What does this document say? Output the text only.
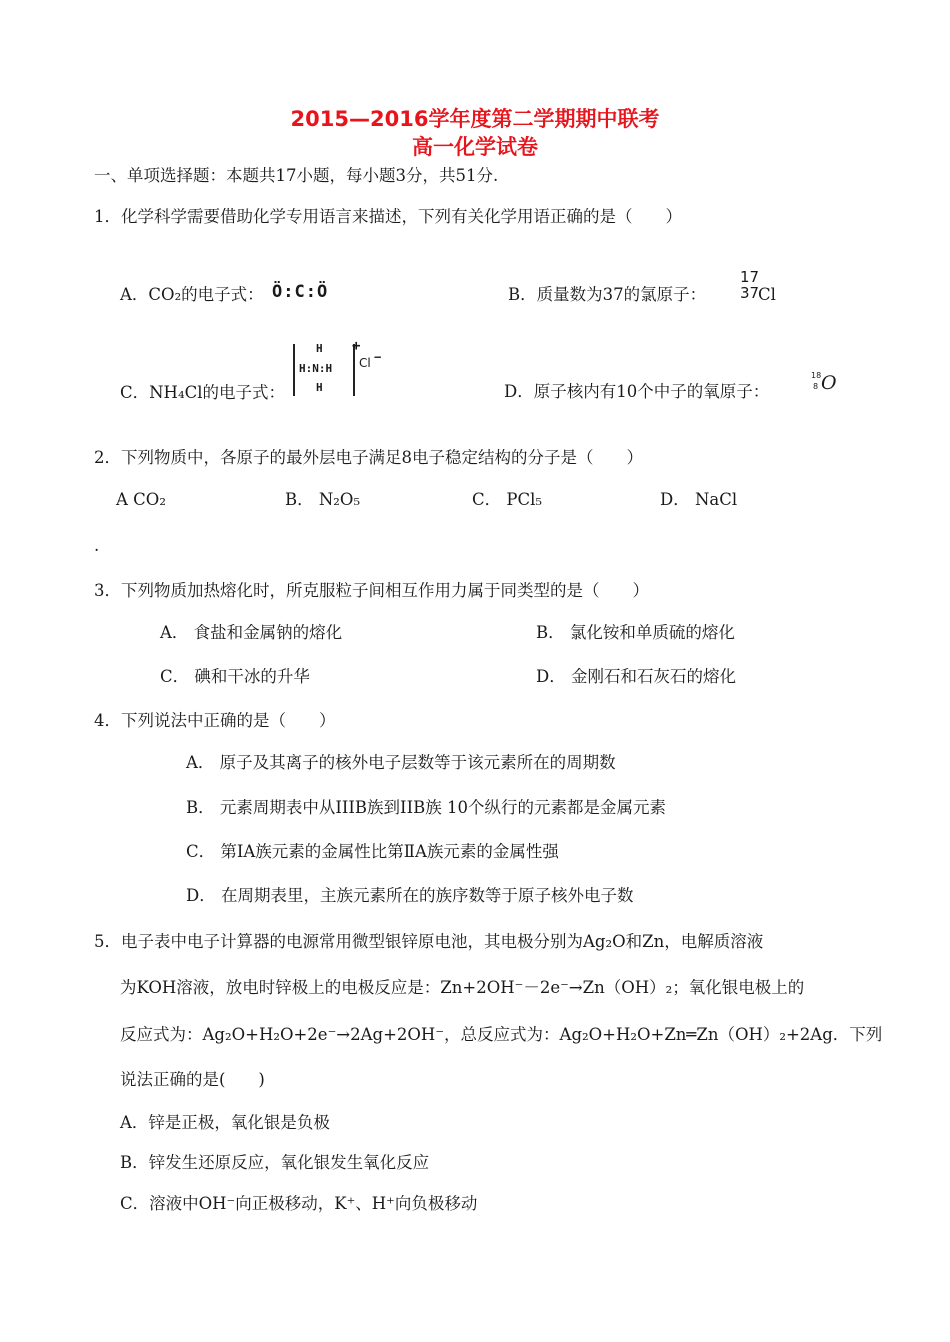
2015—2016学年度第二学期期中联考
高一化学试卷
一、单项选择题：本题共17小题，每小题3分，共51分.
1．化学科学需要借助化学专用语言来描述，下列有关化学用语正确的是（　　）
A．CO₂的电子式： Ö:C:Ö	B．质量数为37的氯原子：
17
37
Cl
C．NH₄Cl的电子式：
H
H:N:H
H
+
Cl −
D．原子核内有10个中子的氧原子：
18
8 O
2．下列物质中，各原子的最外层电子满足8电子稳定结构的分子是（　　）
A CO₂	B． N₂O₅	C． PCl₅	D． NaCl
.
3．下列物质加热熔化时，所克服粒子间相互作用力属于同类型的是（　　）
A． 食盐和金属钠的熔化	B． 氯化铵和单质硫的熔化
C． 碘和干冰的升华	D． 金刚石和石灰石的熔化
4．下列说法中正确的是（　　）
A． 原子及其离子的核外电子层数等于该元素所在的周期数
B． 元素周期表中从IIIB族到IIB族 10个纵行的元素都是金属元素
C． 第ⅠA族元素的金属性比第ⅡA族元素的金属性强
D． 在周期表里，主族元素所在的族序数等于原子核外电子数
5．电子表中电子计算器的电源常用微型银锌原电池，其电极分别为Ag₂O和Zn，电解质溶液
为KOH溶液，放电时锌极上的电极反应是：Zn+2OH⁻－2e⁻→Zn（OH）₂；氧化银电极上的
反应式为：Ag₂O+H₂O+2e⁻→2Ag+2OH⁻，总反应式为：Ag₂O+H₂O+Zn═Zn（OH）₂+2Ag．下列
说法正确的是(　　)
A．锌是正极，氧化银是负极
B．锌发生还原反应，氧化银发生氧化反应
C．溶液中OH⁻向正极移动，K⁺、H⁺向负极移动
